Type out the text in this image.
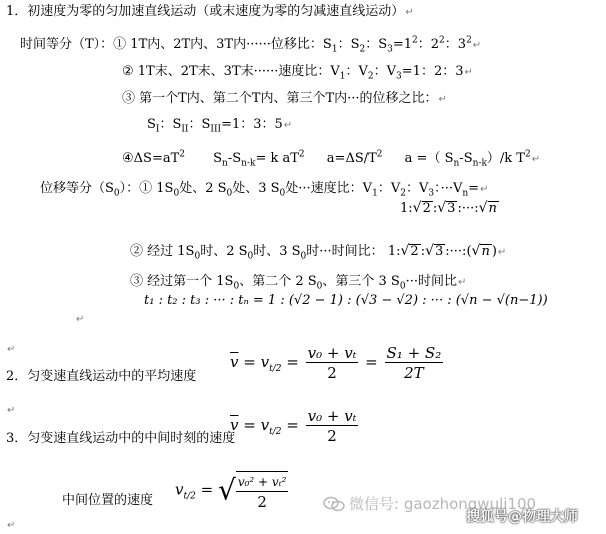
1．初速度为零的匀加速直线运动（或末速度为零的匀减速直线运动）↵
时间等分（T）：① 1T内、2T内、3T内······位移比：$S_1$：$S_2$：$S_3=1^2$：$2^2$：$3^2↵$
② 1T末、2T末、3T末······速度比：$V_1$：$V_2$：$V_3=1$：2：3↵
③ 第一个T内、第二个T内、第三个T内···的位移之比：↵
$S_I$：$S_{II}$：$S_{III}=1$：3：5↵
$④\Delta S=aT^2$ $S_n-S_{n-k}= k$ $aT^2$ $a=\Delta S/T^2$ a =（ $S_n-S_{n-k})/k$ $T^2↵$
位移等分$(S_0)$：① $1S_0$处、2 $S_0$处、3 $S_0$处···速度比：$V_1$：$V_2$：$V_3$：$\cdot\cdot\cdot V_n=↵$
1:√2 :√3 :···:√n
② 经过 $1S_0$时、2 $S_0$时、3 $S_0$时···时间比： 1:√2 :√3 :···:(√n )↵
③ 经过第一个 $1S_0$、第二个 2 $S_0$、第三个 3 $S_0\cdot\cdot\cdot$时间比↵
t₁ : t₂ : t₃ : ··· : tₙ = 1 : (√2 − 1) : (√3 − √2) : ··· : (√n − √(n−1))
↵
↵
2．匀变速直线运动中的平均速度
$\overline{v} = v_{t/2} = \frac{\text{v₀ + vₜ}}{2} = \frac{\text{S₁ + S₂}}{2T}$
↵
3．匀变速直线运动中的中间时刻的速度
$\overline{v} = v_{t/2} = \frac{\text{v₀ + vₜ}}{2}$
中间位置的速度
$v_{t/2}$ = √ $\frac{\text{v₀² + vₜ²}}{2}$
↵
微信号: gaozhongwuli100
搜狐号@物理大师
